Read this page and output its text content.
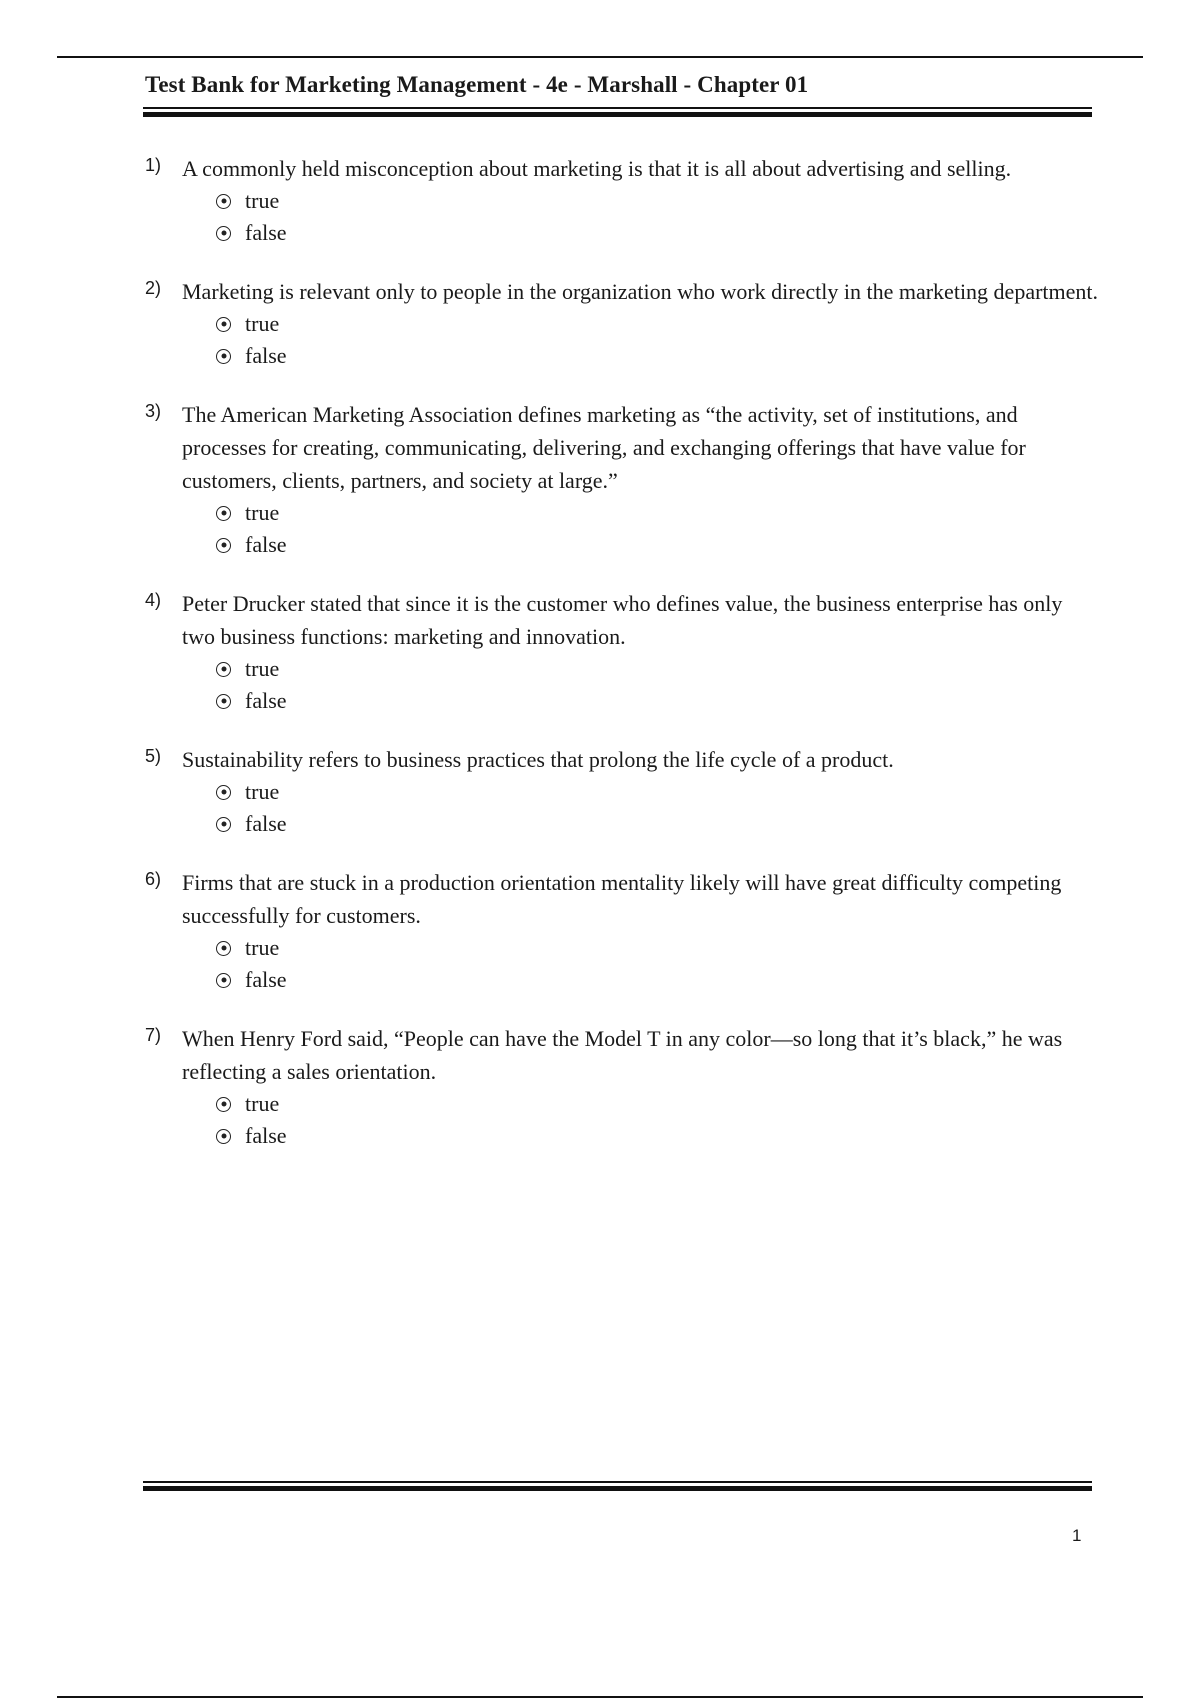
Test Bank for Marketing Management - 4e - Marshall - Chapter 01
1) A commonly held misconception about marketing is that it is all about advertising and selling.
true
false
2) Marketing is relevant only to people in the organization who work directly in the marketing department.
true
false
3) The American Marketing Association defines marketing as “the activity, set of institutions, and processes for creating, communicating, delivering, and exchanging offerings that have value for customers, clients, partners, and society at large.”
true
false
4) Peter Drucker stated that since it is the customer who defines value, the business enterprise has only two business functions: marketing and innovation.
true
false
5) Sustainability refers to business practices that prolong the life cycle of a product.
true
false
6) Firms that are stuck in a production orientation mentality likely will have great difficulty competing successfully for customers.
true
false
7) When Henry Ford said, “People can have the Model T in any color—so long that it’s black,” he was reflecting a sales orientation.
true
false
1
